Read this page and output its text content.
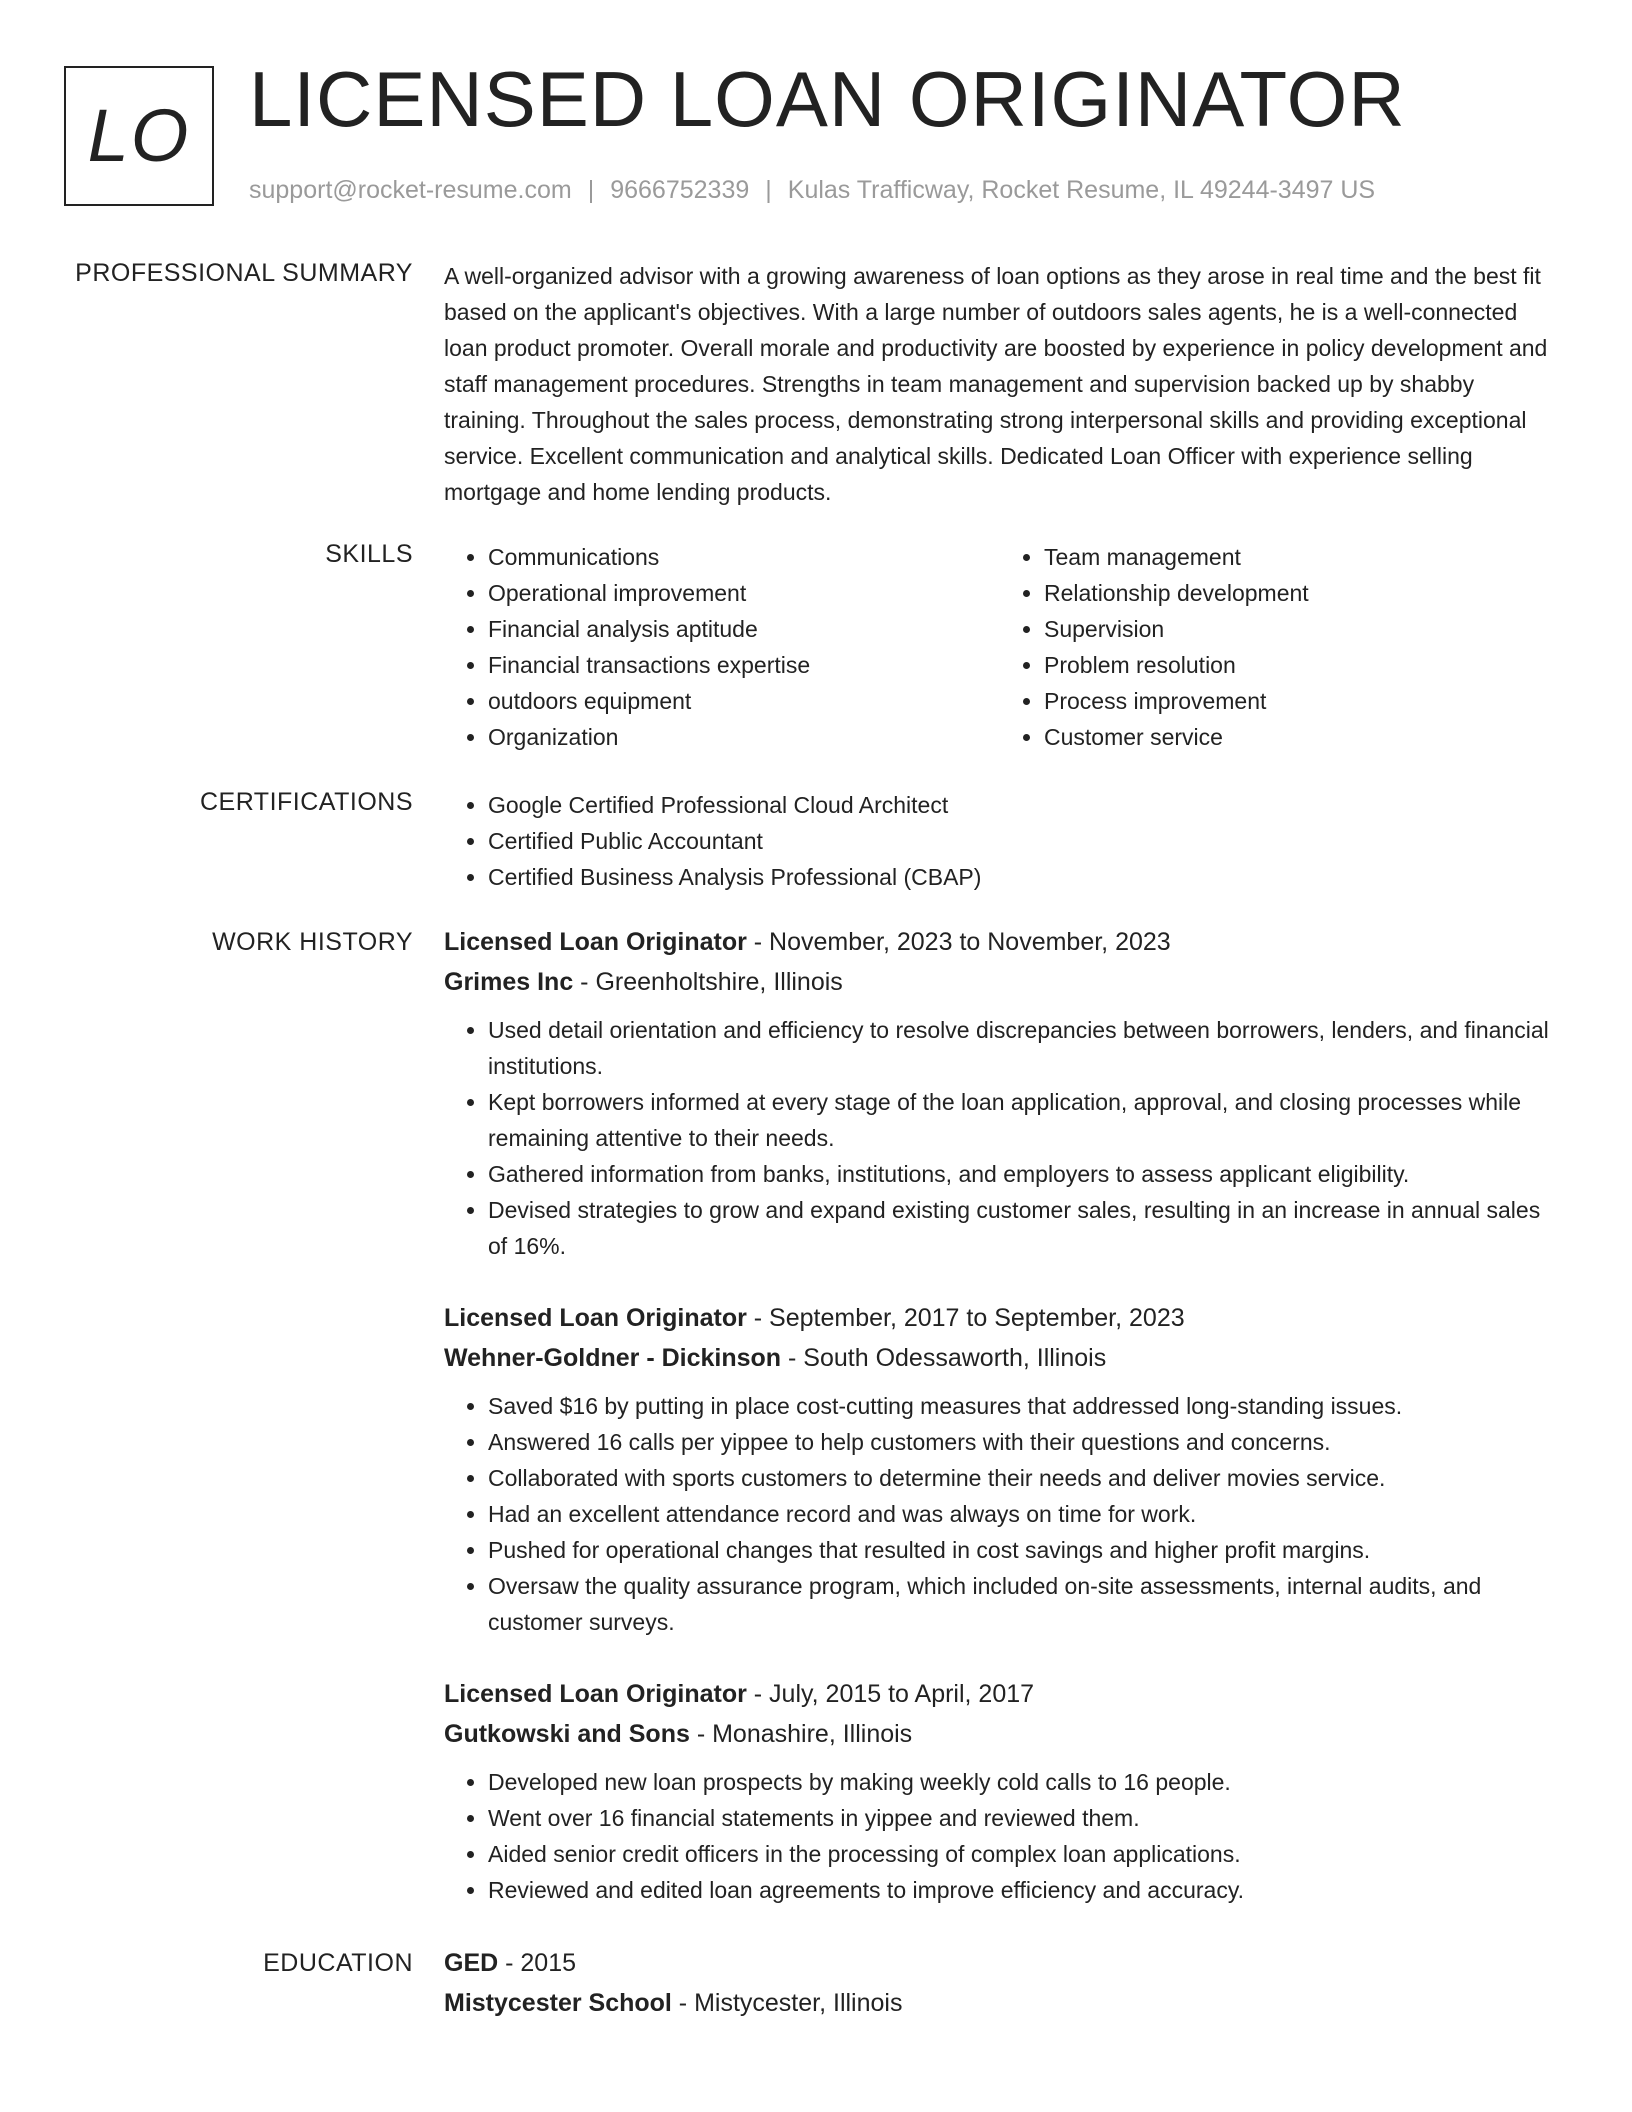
LO LICENSED LOAN ORIGINATOR
support@rocket-resume.com | 9666752339 | Kulas Trafficway, Rocket Resume, IL 49244-3497 US
PROFESSIONAL SUMMARY A well-organized advisor with a growing awareness of loan options as they arose in real time and the best fit based on the applicant's objectives. With a large number of outdoors sales agents, he is a well-connected loan product promoter. Overall morale and productivity are boosted by experience in policy development and staff management procedures. Strengths in team management and supervision backed up by shabby training. Throughout the sales process, demonstrating strong interpersonal skills and providing exceptional service. Excellent communication and analytical skills. Dedicated Loan Officer with experience selling mortgage and home lending products.

SKILLS	• Communications
• Operational improvement
• Financial analysis aptitude
• Financial transactions expertise
• outdoors equipment
• Organization
• Team management
• Relationship development
• Supervision
• Problem resolution
• Process improvement
• Customer service
CERTIFICATIONS	• Google Certified Professional Cloud Architect
• Certified Public Accountant
• Certified Business Analysis Professional (CBAP)
WORK HISTORY Licensed Loan Originator - November, 2023 to November, 2023
Grimes Inc - Greenholtshire, Illinois
• Used detail orientation and efficiency to resolve discrepancies between borrowers, lenders, and financial institutions.
• Kept borrowers informed at every stage of the loan application, approval, and closing processes while remaining attentive to their needs.
• Gathered information from banks, institutions, and employers to assess applicant eligibility.
• Devised strategies to grow and expand existing customer sales, resulting in an increase in annual sales of 16%.
Licensed Loan Originator - September, 2017 to September, 2023
Wehner-Goldner - Dickinson - South Odessaworth, Illinois
• Saved $16 by putting in place cost-cutting measures that addressed long-standing issues.
• Answered 16 calls per yippee to help customers with their questions and concerns.
• Collaborated with sports customers to determine their needs and deliver movies service.
• Had an excellent attendance record and was always on time for work.
• Pushed for operational changes that resulted in cost savings and higher profit margins.
• Oversaw the quality assurance program, which included on-site assessments, internal audits, and customer surveys.
Licensed Loan Originator - July, 2015 to April, 2017
Gutkowski and Sons - Monashire, Illinois
• Developed new loan prospects by making weekly cold calls to 16 people.
• Went over 16 financial statements in yippee and reviewed them.
• Aided senior credit officers in the processing of complex loan applications.
• Reviewed and edited loan agreements to improve efficiency and accuracy.
EDUCATION GED - 2015
Mistycester School - Mistycester, Illinois
